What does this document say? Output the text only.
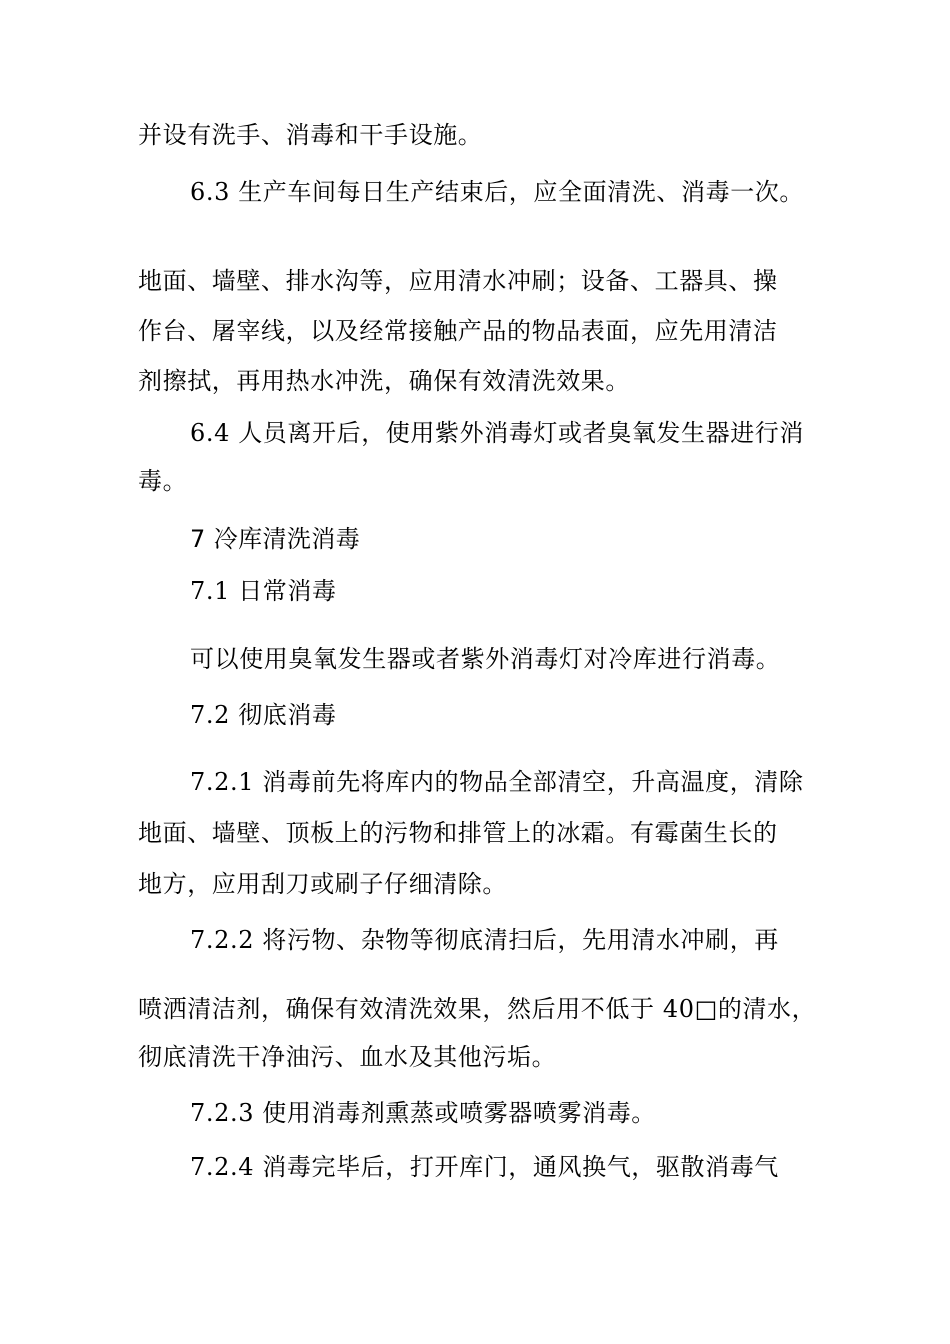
并设有洗手、消毒和干手设施。
6.3 生产车间每日生产结束后，应全面清洗、消毒一次。
地面、墙壁、排水沟等，应用清水冲刷；设备、工器具、操
作台、屠宰线，以及经常接触产品的物品表面，应先用清洁
剂擦拭，再用热水冲洗，确保有效清洗效果。
6.4 人员离开后，使用紫外消毒灯或者臭氧发生器进行消
毒。
7 冷库清洗消毒
7.1 日常消毒
可以使用臭氧发生器或者紫外消毒灯对冷库进行消毒。
7.2 彻底消毒
7.2.1 消毒前先将库内的物品全部清空，升高温度，清除
地面、墙壁、顶板上的污物和排管上的冰霜。有霉菌生长的
地方，应用刮刀或刷子仔细清除。
7.2.2 将污物、杂物等彻底清扫后，先用清水冲刷，再
喷洒清洁剂，确保有效清洗效果，然后用不低于 40□的清水，
彻底清洗干净油污、血水及其他污垢。
7.2.3 使用消毒剂熏蒸或喷雾器喷雾消毒。
7.2.4 消毒完毕后，打开库门，通风换气，驱散消毒气
